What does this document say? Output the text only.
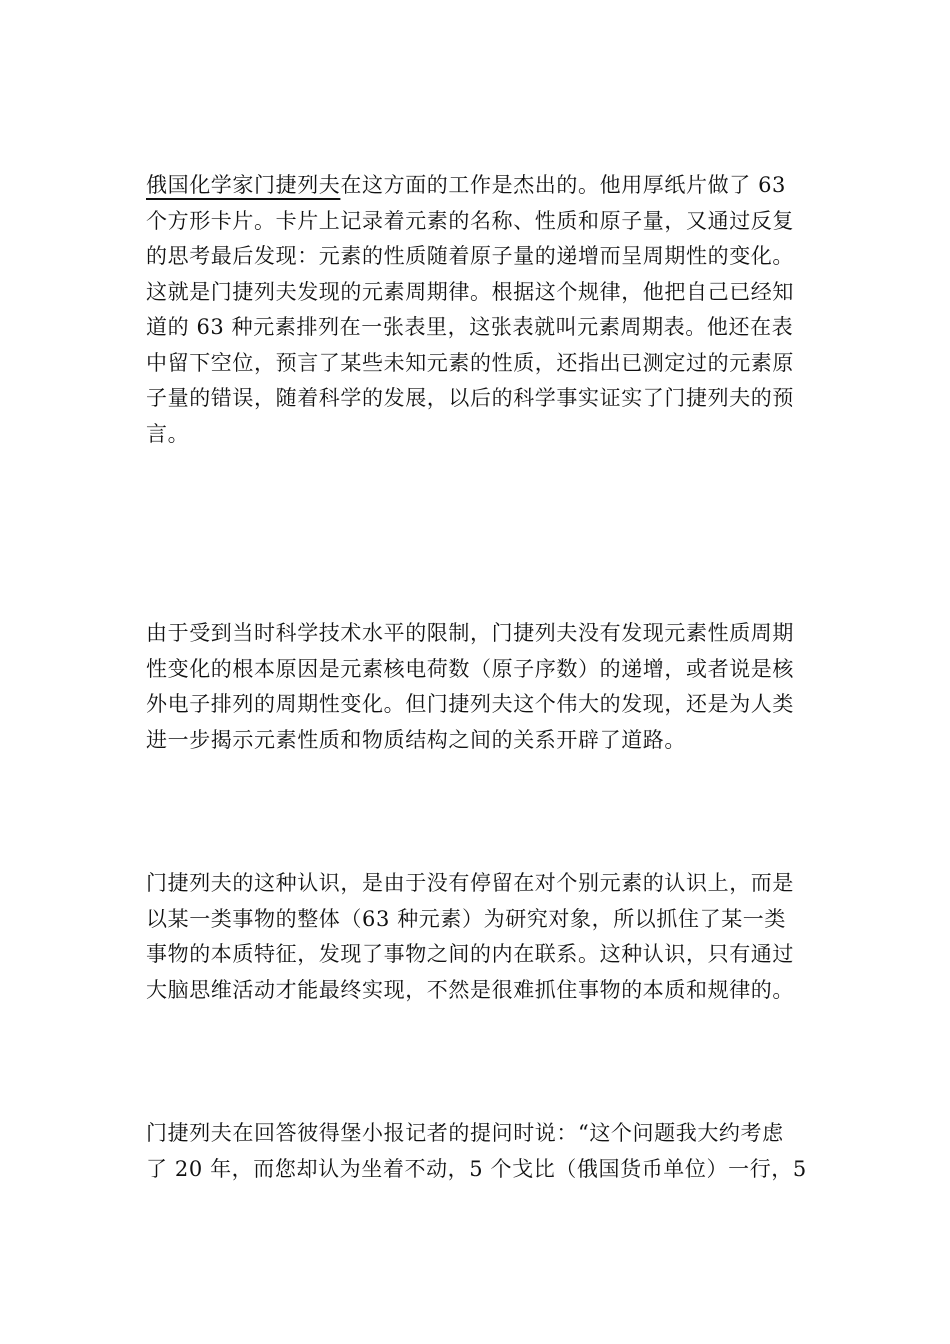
俄国化学家门捷列夫在这方面的工作是杰出的。他用厚纸片做了 63
个方形卡片。卡片上记录着元素的名称、性质和原子量，又通过反复
的思考最后发现：元素的性质随着原子量的递增而呈周期性的变化。
这就是门捷列夫发现的元素周期律。根据这个规律，他把自己已经知
道的 63 种元素排列在一张表里，这张表就叫元素周期表。他还在表
中留下空位，预言了某些未知元素的性质，还指出已测定过的元素原
子量的错误，随着科学的发展，以后的科学事实证实了门捷列夫的预
言。
由于受到当时科学技术水平的限制，门捷列夫没有发现元素性质周期
性变化的根本原因是元素核电荷数（原子序数）的递增，或者说是核
外电子排列的周期性变化。但门捷列夫这个伟大的发现，还是为人类
进一步揭示元素性质和物质结构之间的关系开辟了道路。
门捷列夫的这种认识，是由于没有停留在对个别元素的认识上，而是
以某一类事物的整体（63 种元素）为研究对象，所以抓住了某一类
事物的本质特征，发现了事物之间的内在联系。这种认识，只有通过
大脑思维活动才能最终实现，不然是很难抓住事物的本质和规律的。
门捷列夫在回答彼得堡小报记者的提问时说：“这个问题我大约考虑
了 20 年，而您却认为坐着不动，5 个戈比（俄国货币单位）一行，5
